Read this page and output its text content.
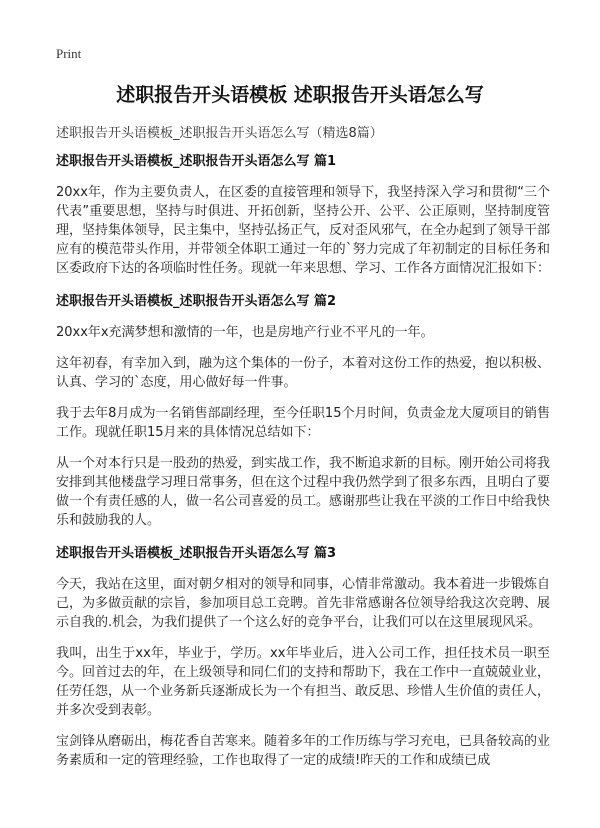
Print
述职报告开头语模板 述职报告开头语怎么写
述职报告开头语模板_述职报告开头语怎么写（精选8篇）
述职报告开头语模板_述职报告开头语怎么写 篇1

20xx年，作为主要负责人，在区委的直接管理和领导下，我坚持深入学习和贯彻“三个代表”重要思想，坚持与时俱进、开拓创新，坚持公开、公平、公正原则，坚持制度管理，坚持集体领导，民主集中，坚持弘扬正气，反对歪风邪气，在全办起到了领导干部应有的模范带头作用，并带领全体职工通过一年的`努力完成了年初制定的目标任务和区委政府下达的各项临时性任务。现就一年来思想、学习、工作各方面情况汇报如下：

述职报告开头语模板_述职报告开头语怎么写 篇2

20xx年x充满梦想和激情的一年，也是房地产行业不平凡的一年。

这年初春，有幸加入到，融为这个集体的一份子，本着对这份工作的热爱，抱以积极、认真、学习的`态度，用心做好每一件事。

我于去年8月成为一名销售部副经理，至今任职15个月时间，负责金龙大厦项目的销售工作。现就任职15月来的具体情况总结如下：

从一个对本行只是一股劲的热爱，到实战工作，我不断追求新的目标。刚开始公司将我安排到其他楼盘学习理日常事务，但在这个过程中我仍然学到了很多东西，且明白了要做一个有责任感的人，做一名公司喜爱的员工。感谢那些让我在平淡的工作日中给我快乐和鼓励我的人。

述职报告开头语模板_述职报告开头语怎么写 篇3

今天，我站在这里，面对朝夕相对的领导和同事，心情非常激动。我本着进一步锻炼自己，为多做贡献的宗旨，参加项目总工竞聘。首先非常感谢各位领导给我这次竞聘、展示自我的.机会，为我们提供了一个这么好的竞争平台，让我们可以在这里展现风采。

我叫，出生于xx年，毕业于，学历。xx年毕业后，进入公司工作，担任技术员一职至今。回首过去的年，在上级领导和同仁们的支持和帮助下，我在工作中一直兢兢业业，任劳任怨，从一个业务新兵逐渐成长为一个有担当、敢反思、珍惜人生价值的责任人，并多次受到表彰。

宝剑锋从磨砺出，梅花香自苦寒来。随着多年的工作历练与学习充电，已具备较高的业务素质和一定的管理经验，工作也取得了一定的成绩!昨天的工作和成绩已成
